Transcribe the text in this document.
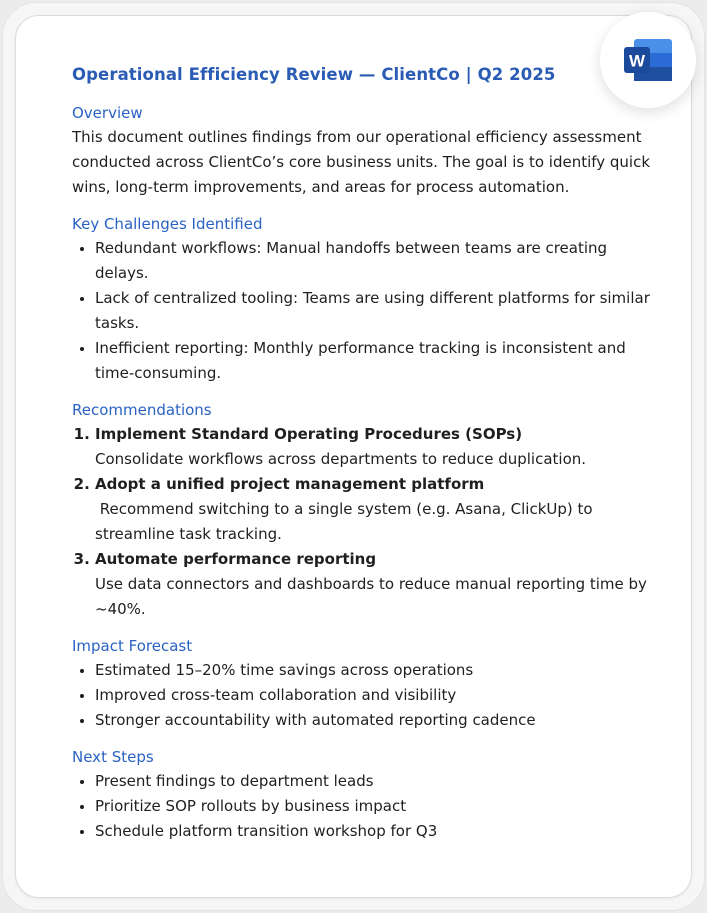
W
Operational Efficiency Review — ClientCo | Q2 2025
Overview

This document outlines findings from our operational efficiency assessment conducted across ClientCo’s core business units. The goal is to identify quick wins, long-term improvements, and areas for process automation.

Key Challenges Identified
• Redundant workflows: Manual handoffs between teams are creating delays.
• Lack of centralized tooling: Teams are using different platforms for similar tasks.
• Inefficient reporting: Monthly performance tracking is inconsistent and time-consuming.
Recommendations
1. Implement Standard Operating Procedures (SOPs)
Consolidate workflows across departments to reduce duplication.
2. Adopt a unified project management platform
Recommend switching to a single system (e.g. Asana, ClickUp) to streamline task tracking.
3. Automate performance reporting
Use data connectors and dashboards to reduce manual reporting time by ~40%.
Impact Forecast
• Estimated 15–20% time savings across operations
• Improved cross-team collaboration and visibility
• Stronger accountability with automated reporting cadence
Next Steps
• Present findings to department leads
• Prioritize SOP rollouts by business impact
• Schedule platform transition workshop for Q3
